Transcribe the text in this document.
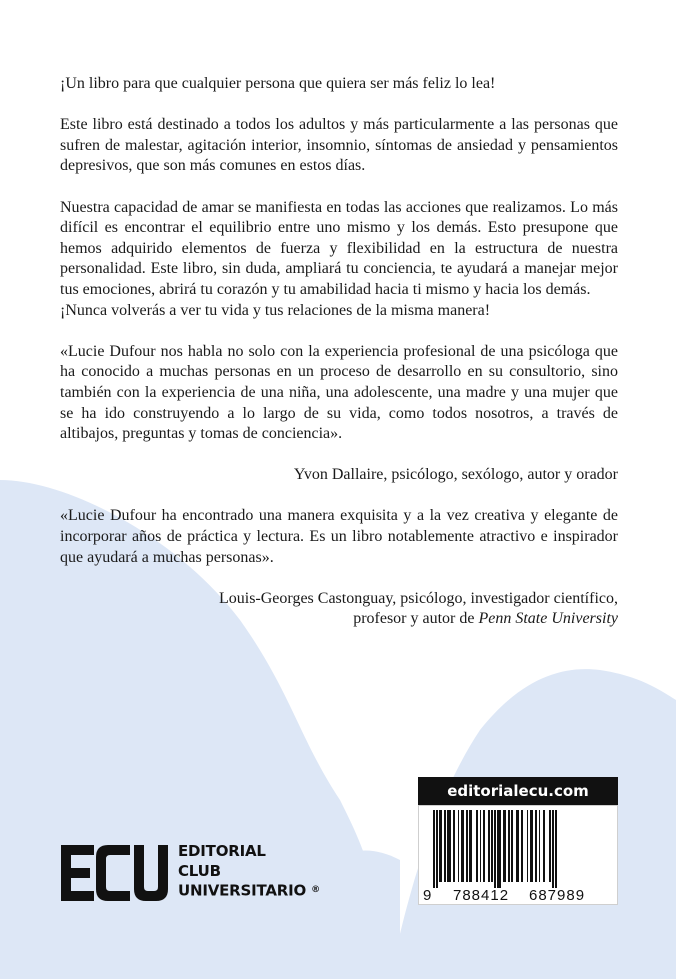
¡Un libro para que cualquier persona que quiera ser más feliz lo lea!

Este libro está destinado a todos los adultos y más particularmente a las personas que sufren de malestar, agitación interior, insomnio, síntomas de ansiedad y pensamientos depresivos, que son más comunes en estos días.

Nuestra capacidad de amar se manifiesta en todas las acciones que realizamos. Lo más difícil es encontrar el equilibrio entre uno mismo y los demás. Esto presupone que hemos adquirido elementos de fuerza y flexibilidad en la estructura de nuestra personalidad. Este libro, sin duda, ampliará tu conciencia, te ayudará a manejar mejor tus emociones, abrirá tu corazón y tu amabilidad hacia ti mismo y hacia los demás.

¡Nunca volverás a ver tu vida y tus relaciones de la misma manera!

«Lucie Dufour nos habla no solo con la experiencia profesional de una psicóloga que ha conocido a muchas personas en un proceso de desarrollo en su consultorio, sino también con la experiencia de una niña, una adolescente, una madre y una mujer que se ha ido construyendo a lo largo de su vida, como todos nosotros, a través de altibajos, preguntas y tomas de conciencia».

Yvon Dallaire, psicólogo, sexólogo, autor y orador

«Lucie Dufour ha encontrado una manera exquisita y a la vez creativa y elegante de incorporar años de práctica y lectura. Es un libro notablemente atractivo e inspirador que ayudará a muchas personas».

Louis-Georges Castonguay, psicólogo, investigador científico,
profesor y autor de Penn State University

EDITORIAL
CLUB
UNIVERSITARIO ®
editorialecu.com
9 788412 687989
